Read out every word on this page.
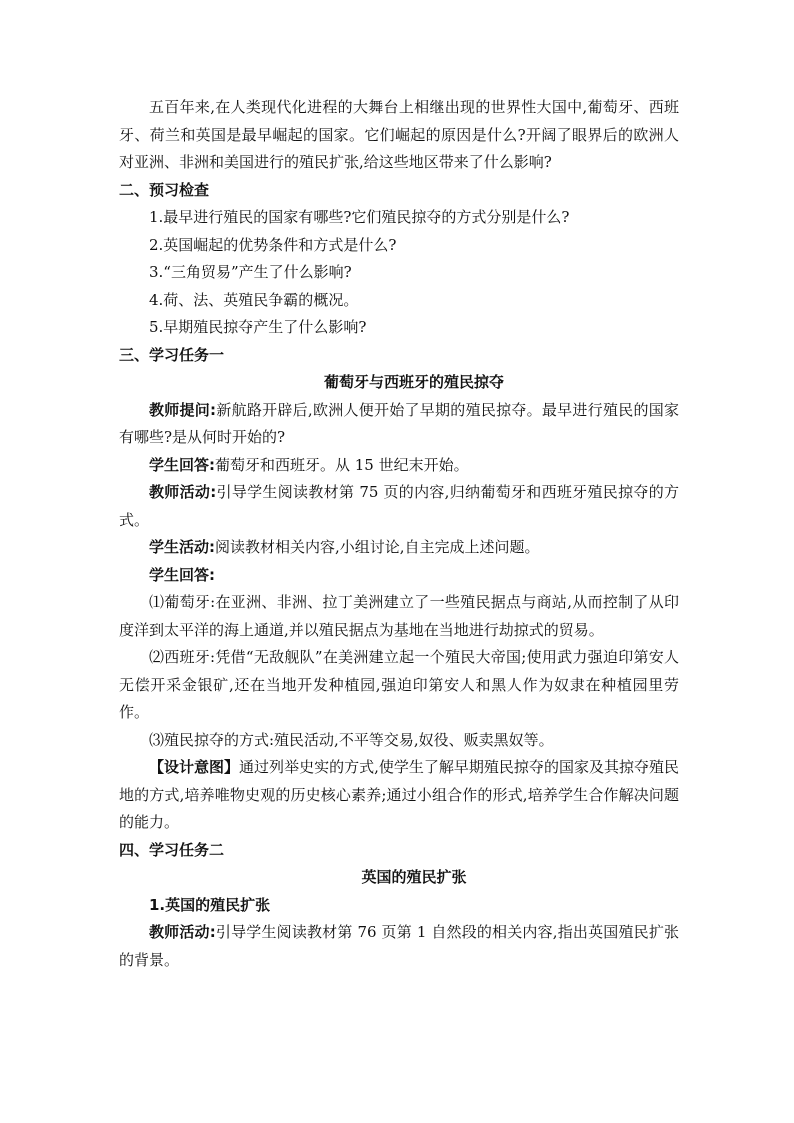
五百年来,在人类现代化进程的大舞台上相继出现的世界性大国中,葡萄牙、西班牙、荷兰和英国是最早崛起的国家。它们崛起的原因是什么?开阔了眼界后的欧洲人对亚洲、非洲和美国进行的殖民扩张,给这些地区带来了什么影响?

二、预习检查

1.最早进行殖民的国家有哪些?它们殖民掠夺的方式分别是什么?

2.英国崛起的优势条件和方式是什么?

3.“三角贸易”产生了什么影响?

4.荷、法、英殖民争霸的概况。

5.早期殖民掠夺产生了什么影响?

三、学习任务一

葡萄牙与西班牙的殖民掠夺

教师提问:新航路开辟后,欧洲人便开始了早期的殖民掠夺。最早进行殖民的国家有哪些?是从何时开始的?

学生回答:葡萄牙和西班牙。从 15 世纪末开始。

教师活动:引导学生阅读教材第 75 页的内容,归纳葡萄牙和西班牙殖民掠夺的方式。

学生活动:阅读教材相关内容,小组讨论,自主完成上述问题。

学生回答:

⑴葡萄牙:在亚洲、非洲、拉丁美洲建立了一些殖民据点与商站,从而控制了从印度洋到太平洋的海上通道,并以殖民据点为基地在当地进行劫掠式的贸易。

⑵西班牙:凭借“无敌舰队”在美洲建立起一个殖民大帝国;使用武力强迫印第安人无偿开采金银矿,还在当地开发种植园,强迫印第安人和黑人作为奴隶在种植园里劳作。

⑶殖民掠夺的方式:殖民活动,不平等交易,奴役、贩卖黑奴等。

【设计意图】通过列举史实的方式,使学生了解早期殖民掠夺的国家及其掠夺殖民地的方式,培养唯物史观的历史核心素养;通过小组合作的形式,培养学生合作解决问题的能力。

四、学习任务二

英国的殖民扩张

1.英国的殖民扩张

教师活动:引导学生阅读教材第 76 页第 1 自然段的相关内容,指出英国殖民扩张的背景。
